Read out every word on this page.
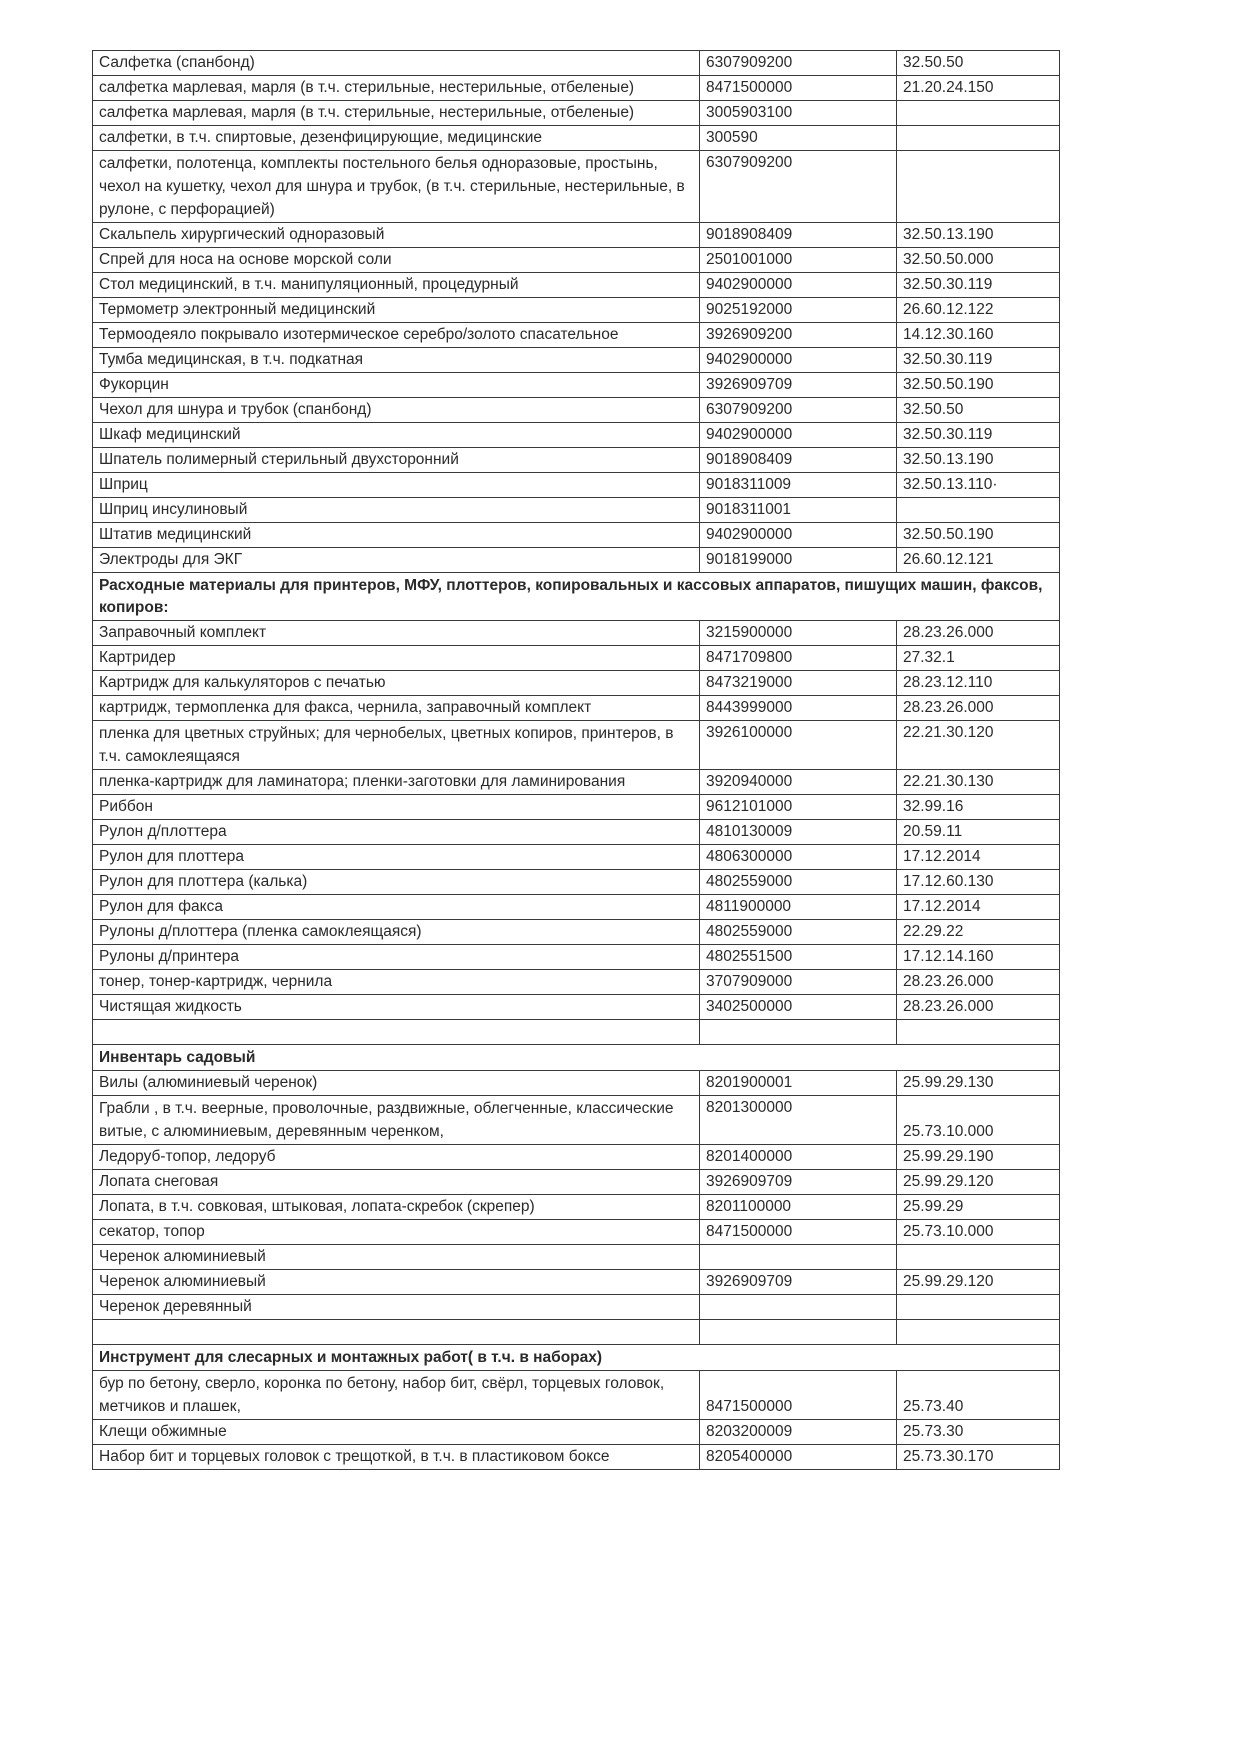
Салфетка (спанбонд)	6307909200	32.50.50
салфетка марлевая, марля (в т.ч. стерильные, нестерильные, отбеленые)	8471500000	21.20.24.150
салфетка марлевая, марля (в т.ч. стерильные, нестерильные, отбеленые)	3005903100	
салфетки, в т.ч. спиртовые, дезенфицирующие, медицинские	300590	
салфетки, полотенца, комплекты постельного белья одноразовые, простынь, чехол на кушетку, чехол для шнура и трубок, (в т.ч. стерильные, нестерильные, в рулоне, с перфорацией)	6307909200	
Скальпель хирургический одноразовый	9018908409	32.50.13.190
Спрей для носа на основе морской соли	2501001000	32.50.50.000
Стол медицинский, в т.ч. манипуляционный, процедурный	9402900000	32.50.30.119
Термометр электронный медицинский	9025192000	26.60.12.122
Термоодеяло покрывало изотермическое серебро/золото спасательное	3926909200	14.12.30.160
Тумба медицинская, в т.ч. подкатная	9402900000	32.50.30.119
Фукорцин	3926909709	32.50.50.190
Чехол для шнура и трубок (спанбонд)	6307909200	32.50.50
Шкаф медицинский	9402900000	32.50.30.119
Шпатель полимерный стерильный двухсторонний	9018908409	32.50.13.190
Шприц	9018311009	32.50.13.110·
Шприц инсулиновый	9018311001	
Штатив медицинский	9402900000	32.50.50.190
Электроды для ЭКГ	9018199000	26.60.12.121
Расходные материалы для принтеров, МФУ, плоттеров, копировальных и кассовых аппаратов, пишущих машин, факсов, копиров:		
Заправочный комплект	3215900000	28.23.26.000
Картридер	8471709800	27.32.1
Картридж для калькуляторов с печатью	8473219000	28.23.12.110
картридж, термопленка для факса, чернила, заправочный комплект	8443999000	28.23.26.000
пленка для цветных струйных; для чернобелых, цветных копиров, принтеров, в т.ч. самоклеящаяся	3926100000	22.21.30.120
пленка-картридж для ламинатора; пленки-заготовки для ламинирования	3920940000	22.21.30.130
Риббон	9612101000	32.99.16
Рулон д/плоттера	4810130009	20.59.11
Рулон для плоттера	4806300000	17.12.2014
Рулон для плоттера (калька)	4802559000	17.12.60.130
Рулон для факса	4811900000	17.12.2014
Рулоны д/плоттера (пленка самоклеящаяся)	4802559000	22.29.22
Рулоны д/принтера	4802551500	17.12.14.160
тонер, тонер-картридж, чернила	3707909000	28.23.26.000
Чистящая жидкость	3402500000	28.23.26.000

Инвентарь садовый		
Вилы (алюминиевый черенок)	8201900001	25.99.29.130
Грабли , в т.ч. веерные, проволочные, раздвижные, облегченные, классические витые, с алюминиевым, деревянным черенком,	8201300000	25.73.10.000
Ледоруб-топор, ледоруб	8201400000	25.99.29.190
Лопата снеговая	3926909709	25.99.29.120
Лопата, в т.ч. совковая, штыковая, лопата-скребок (скрепер)	8201100000	25.99.29
секатор, топор	8471500000	25.73.10.000
Черенок алюминиевый		
Черенок алюминиевый	3926909709	25.99.29.120
Черенок деревянный		

Инструмент для слесарных и монтажных работ( в т.ч. в наборах)		
бур по бетону, сверло, коронка по бетону, набор бит, свёрл, торцевых головок, метчиков и плашек,	8471500000	25.73.40
Клещи обжимные	8203200009	25.73.30
Набор бит и торцевых головок с трещоткой, в т.ч. в пластиковом боксе	8205400000	25.73.30.170
